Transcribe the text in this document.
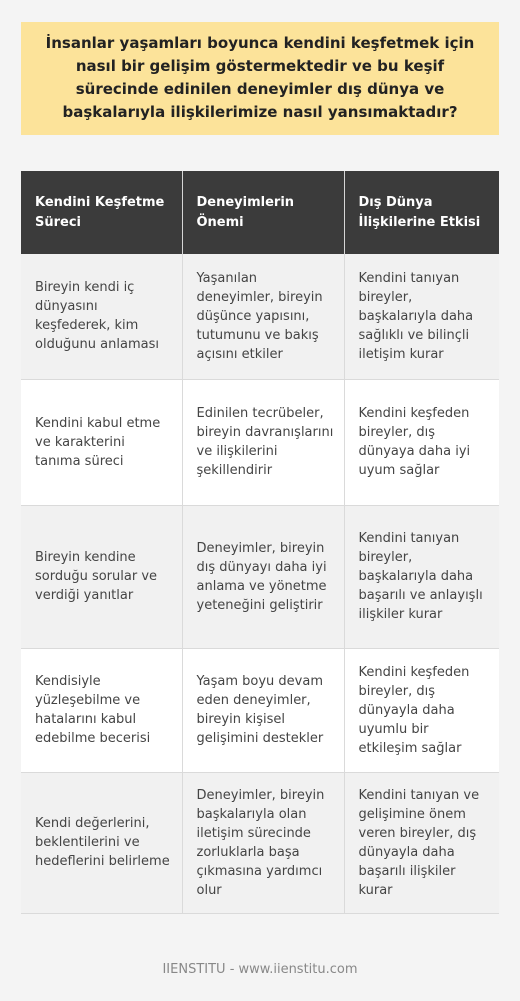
İnsanlar yaşamları boyunca kendini keşfetmek için nasıl bir gelişim göstermektedir ve bu keşif sürecinde edinilen deneyimler dış dünya ve başkalarıyla ilişkilerimize nasıl yansımaktadır?
Kendini Keşfetme Süreci	Deneyimlerin Önemi	Dış Dünya İlişkilerine Etkisi
Bireyin kendi iç dünyasını keşfederek, kim olduğunu anlaması	Yaşanılan deneyimler, bireyin düşünce yapısını, tutumunu ve bakış açısını etkiler	Kendini tanıyan bireyler, başkalarıyla daha sağlıklı ve bilinçli iletişim kurar
Kendini kabul etme ve karakterini tanıma süreci	Edinilen tecrübeler, bireyin davranışlarını ve ilişkilerini şekillendirir	Kendini keşfeden bireyler, dış dünyaya daha iyi uyum sağlar
Bireyin kendine sorduğu sorular ve verdiği yanıtlar	Deneyimler, bireyin dış dünyayı daha iyi anlama ve yönetme yeteneğini geliştirir	Kendini tanıyan bireyler, başkalarıyla daha başarılı ve anlayışlı ilişkiler kurar
Kendisiyle yüzleşebilme ve hatalarını kabul edebilme becerisi	Yaşam boyu devam eden deneyimler, bireyin kişisel gelişimini destekler	Kendini keşfeden bireyler, dış dünyayla daha uyumlu bir etkileşim sağlar
Kendi değerlerini, beklentilerini ve hedeflerini belirleme	Deneyimler, bireyin başkalarıyla olan iletişim sürecinde zorluklarla başa çıkmasına yardımcı olur	Kendini tanıyan ve gelişimine önem veren bireyler, dış dünyayla daha başarılı ilişkiler kurar
IIENSTITU - www.iienstitu.com
